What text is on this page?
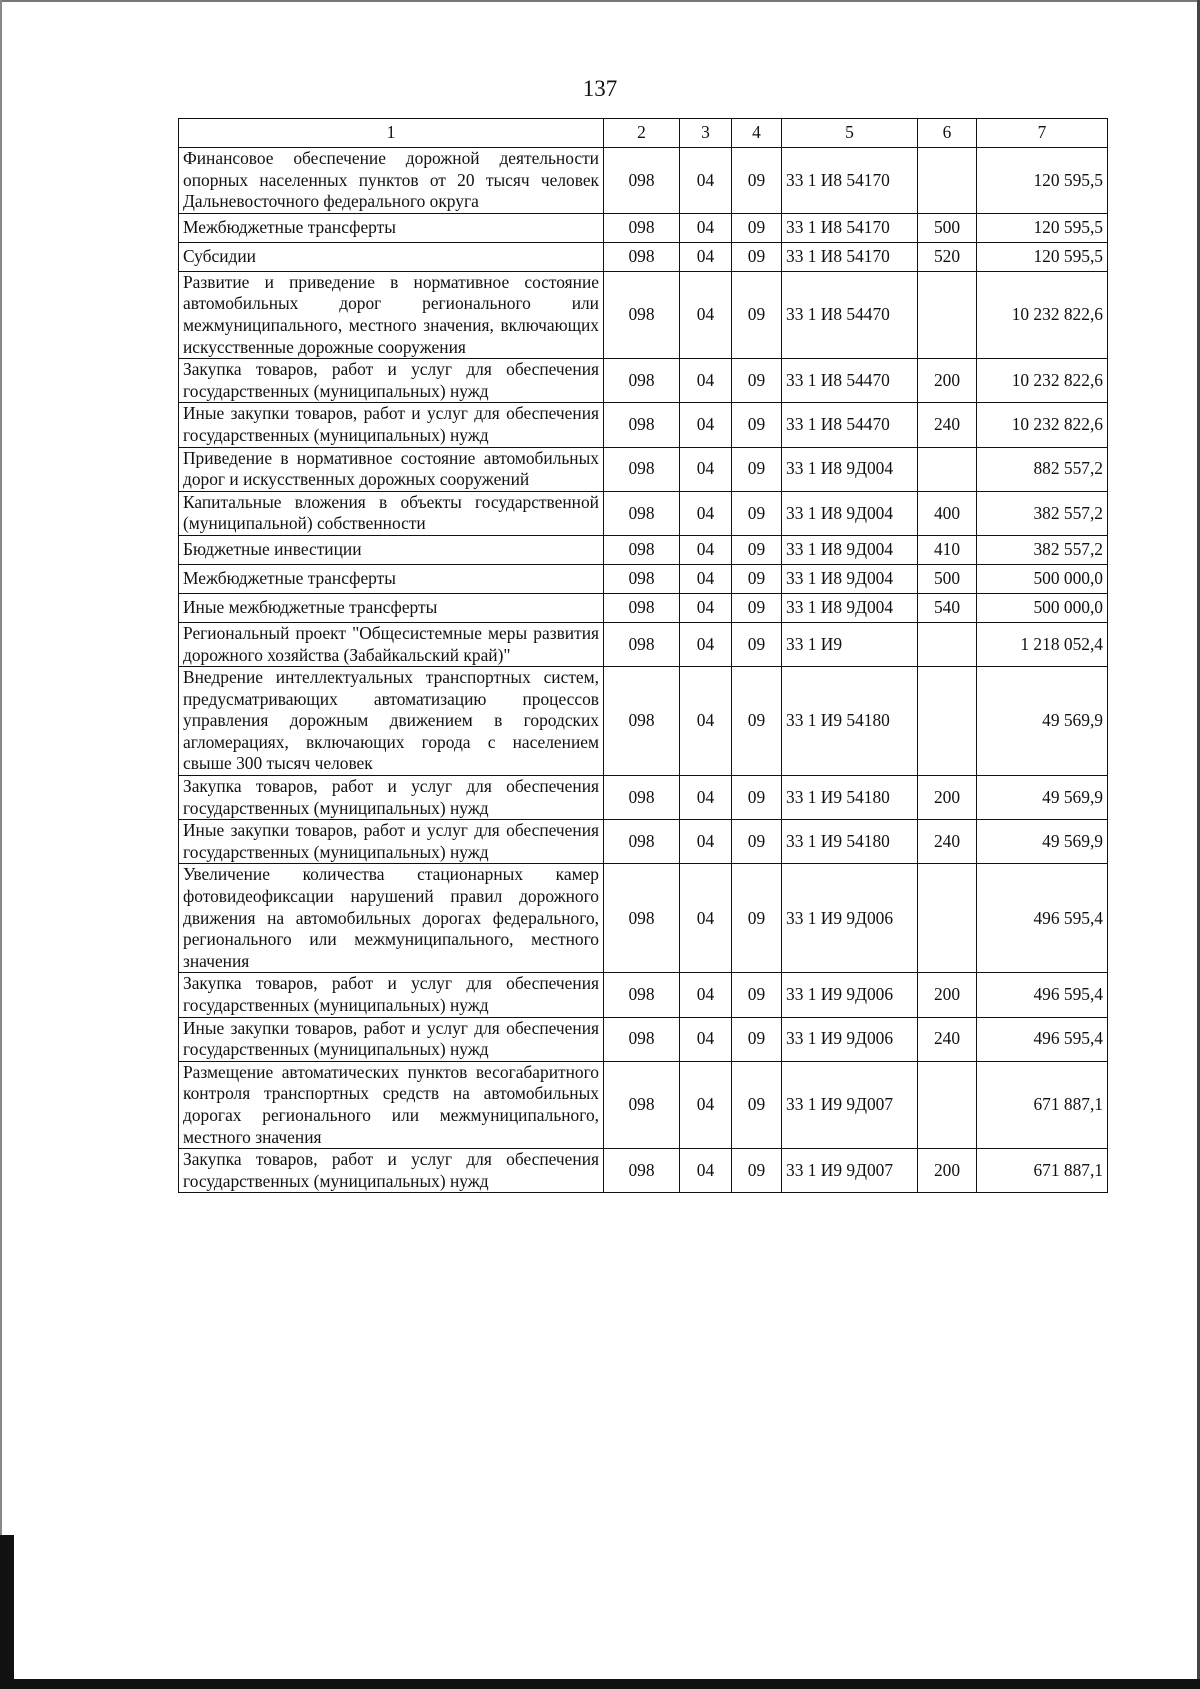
137
1	2	3	4	5	6	7
Финансовое обеспечение дорожной деятельности опорных населенных пунктов от 20 тысяч человек Дальневосточного федерального округа	098	04	09	33 1 И8 54170		120 595,5
Межбюджетные трансферты	098	04	09	33 1 И8 54170	500	120 595,5
Субсидии	098	04	09	33 1 И8 54170	520	120 595,5
Развитие и приведение в нормативное состояние автомобильных дорог регионального или межмуниципального, местного значения, включающих искусственные дорожные сооружения	098	04	09	33 1 И8 54470		10 232 822,6
Закупка товаров, работ и услуг для обеспечения государственных (муниципальных) нужд	098	04	09	33 1 И8 54470	200	10 232 822,6
Иные закупки товаров, работ и услуг для обеспечения государственных (муниципальных) нужд	098	04	09	33 1 И8 54470	240	10 232 822,6
Приведение в нормативное состояние автомобильных дорог и искусственных дорожных сооружений	098	04	09	33 1 И8 9Д004		882 557,2
Капитальные вложения в объекты государственной (муниципальной) собственности	098	04	09	33 1 И8 9Д004	400	382 557,2
Бюджетные инвестиции	098	04	09	33 1 И8 9Д004	410	382 557,2
Межбюджетные трансферты	098	04	09	33 1 И8 9Д004	500	500 000,0
Иные межбюджетные трансферты	098	04	09	33 1 И8 9Д004	540	500 000,0
Региональный проект "Общесистемные меры развития дорожного хозяйства (Забайкальский край)"	098	04	09	33 1 И9		1 218 052,4
Внедрение интеллектуальных транспортных систем, предусматривающих автоматизацию процессов управления дорожным движением в городских агломерациях, включающих города с населением свыше 300 тысяч человек	098	04	09	33 1 И9 54180		49 569,9
Закупка товаров, работ и услуг для обеспечения государственных (муниципальных) нужд	098	04	09	33 1 И9 54180	200	49 569,9
Иные закупки товаров, работ и услуг для обеспечения государственных (муниципальных) нужд	098	04	09	33 1 И9 54180	240	49 569,9
Увеличение количества стационарных камер фотовидеофиксации нарушений правил дорожного движения на автомобильных дорогах федерального, регионального или межмуниципального, местного значения	098	04	09	33 1 И9 9Д006		496 595,4
Закупка товаров, работ и услуг для обеспечения государственных (муниципальных) нужд	098	04	09	33 1 И9 9Д006	200	496 595,4
Иные закупки товаров, работ и услуг для обеспечения государственных (муниципальных) нужд	098	04	09	33 1 И9 9Д006	240	496 595,4
Размещение автоматических пунктов весогабаритного контроля транспортных средств на автомобильных дорогах регионального или межмуниципального, местного значения	098	04	09	33 1 И9 9Д007		671 887,1
Закупка товаров, работ и услуг для обеспечения государственных (муниципальных) нужд	098	04	09	33 1 И9 9Д007	200	671 887,1
